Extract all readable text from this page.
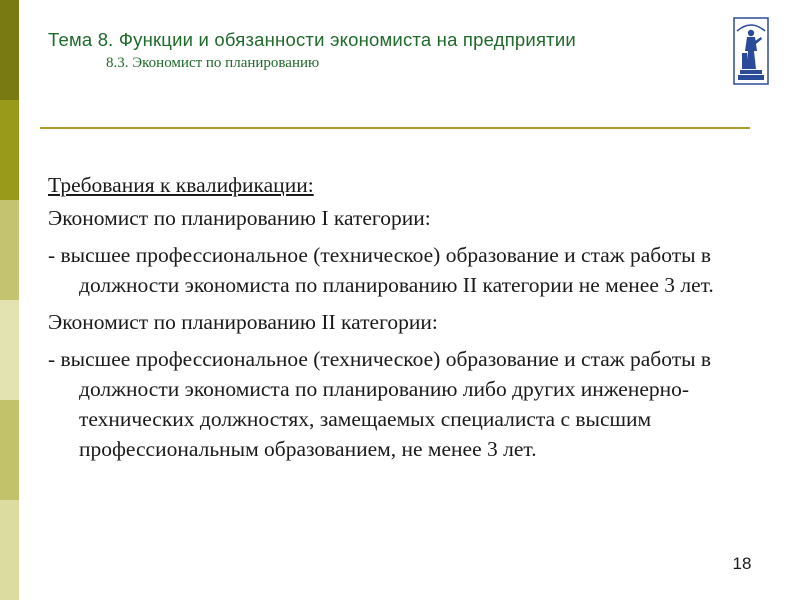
Тема 8. Функции и обязанности экономиста на предприятии
8.3. Экономист по планированию

Требования к квалификации:

Экономист по планированию I категории:

- высшее профессиональное (техническое) образование и стаж работы в должности экономиста по планированию II категории не менее 3 лет.

Экономист по планированию II категории:

- высшее профессиональное (техническое) образование и стаж работы в должности экономиста по планированию либо других инженерно-технических должностях, замещаемых специалиста с высшим профессиональным образованием, не менее 3 лет.

18
